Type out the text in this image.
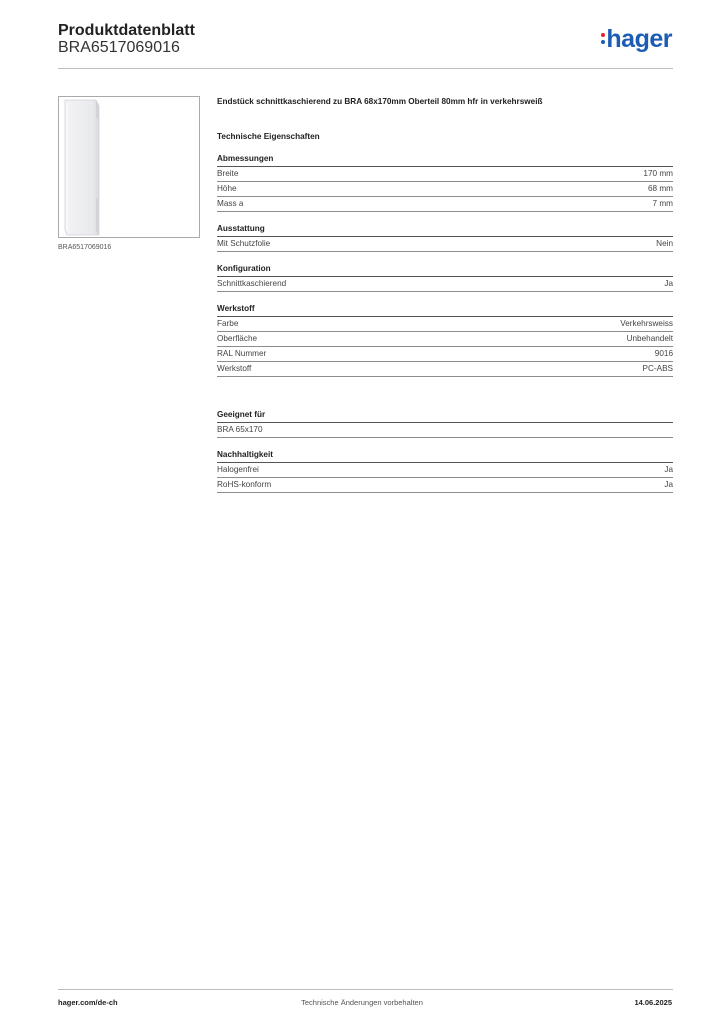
Produktdatenblatt
BRA6517069016	hager
BRA6517069016
Endstück schnittkaschierend zu BRA 68x170mm Oberteil 80mm hfr in verkehrsweiß
Technische Eigenschaften
Abmessungen
Breite	170 mm
Höhe	68 mm
Mass a	7 mm
Ausstattung
Mit Schutzfolie	Nein
Konfiguration
Schnittkaschierend	Ja
Werkstoff
Farbe	Verkehrsweiss
Oberfläche	Unbehandelt
RAL Nummer	9016
Werkstoff	PC-ABS
Geeignet für
BRA 65x170
Nachhaltigkeit
Halogenfrei	Ja
RoHS-konform	Ja
hager.com/de-ch	Technische Änderungen vorbehalten	14.06.2025
